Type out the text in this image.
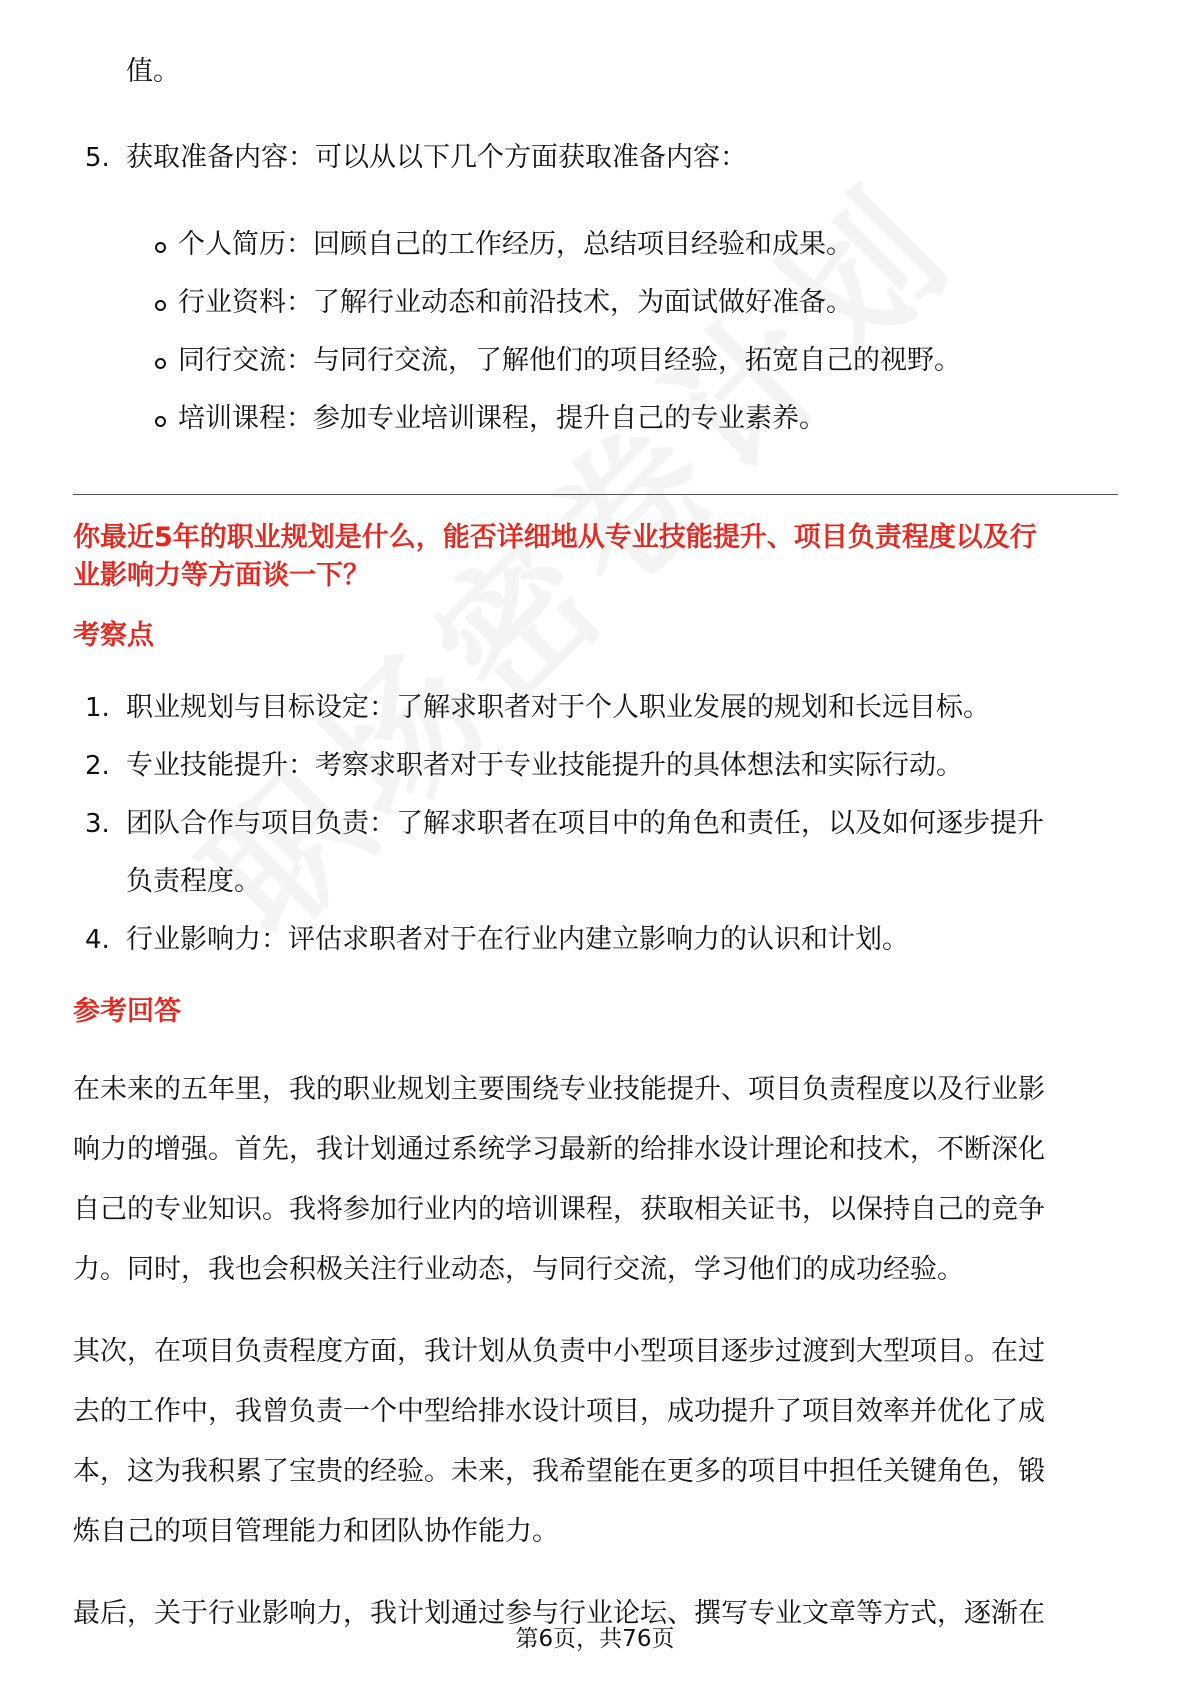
值。
5. 获取准备内容：可以从以下几个方面获取准备内容：
个人简历：回顾自己的工作经历，总结项目经验和成果。
行业资料：了解行业动态和前沿技术，为面试做好准备。
同行交流：与同行交流，了解他们的项目经验，拓宽自己的视野。
培训课程：参加专业培训课程，提升自己的专业素养。
你最近5年的职业规划是什么，能否详细地从专业技能提升、项目负责程度以及行
业影响力等方面谈一下？
考察点
1. 职业规划与目标设定：了解求职者对于个人职业发展的规划和长远目标。
2. 专业技能提升：考察求职者对于专业技能提升的具体想法和实际行动。
3. 团队合作与项目负责：了解求职者在项目中的角色和责任，以及如何逐步提升
负责程度。
4. 行业影响力：评估求职者对于在行业内建立影响力的认识和计划。
参考回答
在未来的五年里，我的职业规划主要围绕专业技能提升、项目负责程度以及行业影
响力的增强。首先，我计划通过系统学习最新的给排水设计理论和技术，不断深化
自己的专业知识。我将参加行业内的培训课程，获取相关证书，以保持自己的竞争
力。同时，我也会积极关注行业动态，与同行交流，学习他们的成功经验。
其次，在项目负责程度方面，我计划从负责中小型项目逐步过渡到大型项目。在过
去的工作中，我曾负责一个中型给排水设计项目，成功提升了项目效率并优化了成
本，这为我积累了宝贵的经验。未来，我希望能在更多的项目中担任关键角色，锻
炼自己的项目管理能力和团队协作能力。
最后，关于行业影响力，我计划通过参与行业论坛、撰写专业文章等方式，逐渐在
第6页，共76页
